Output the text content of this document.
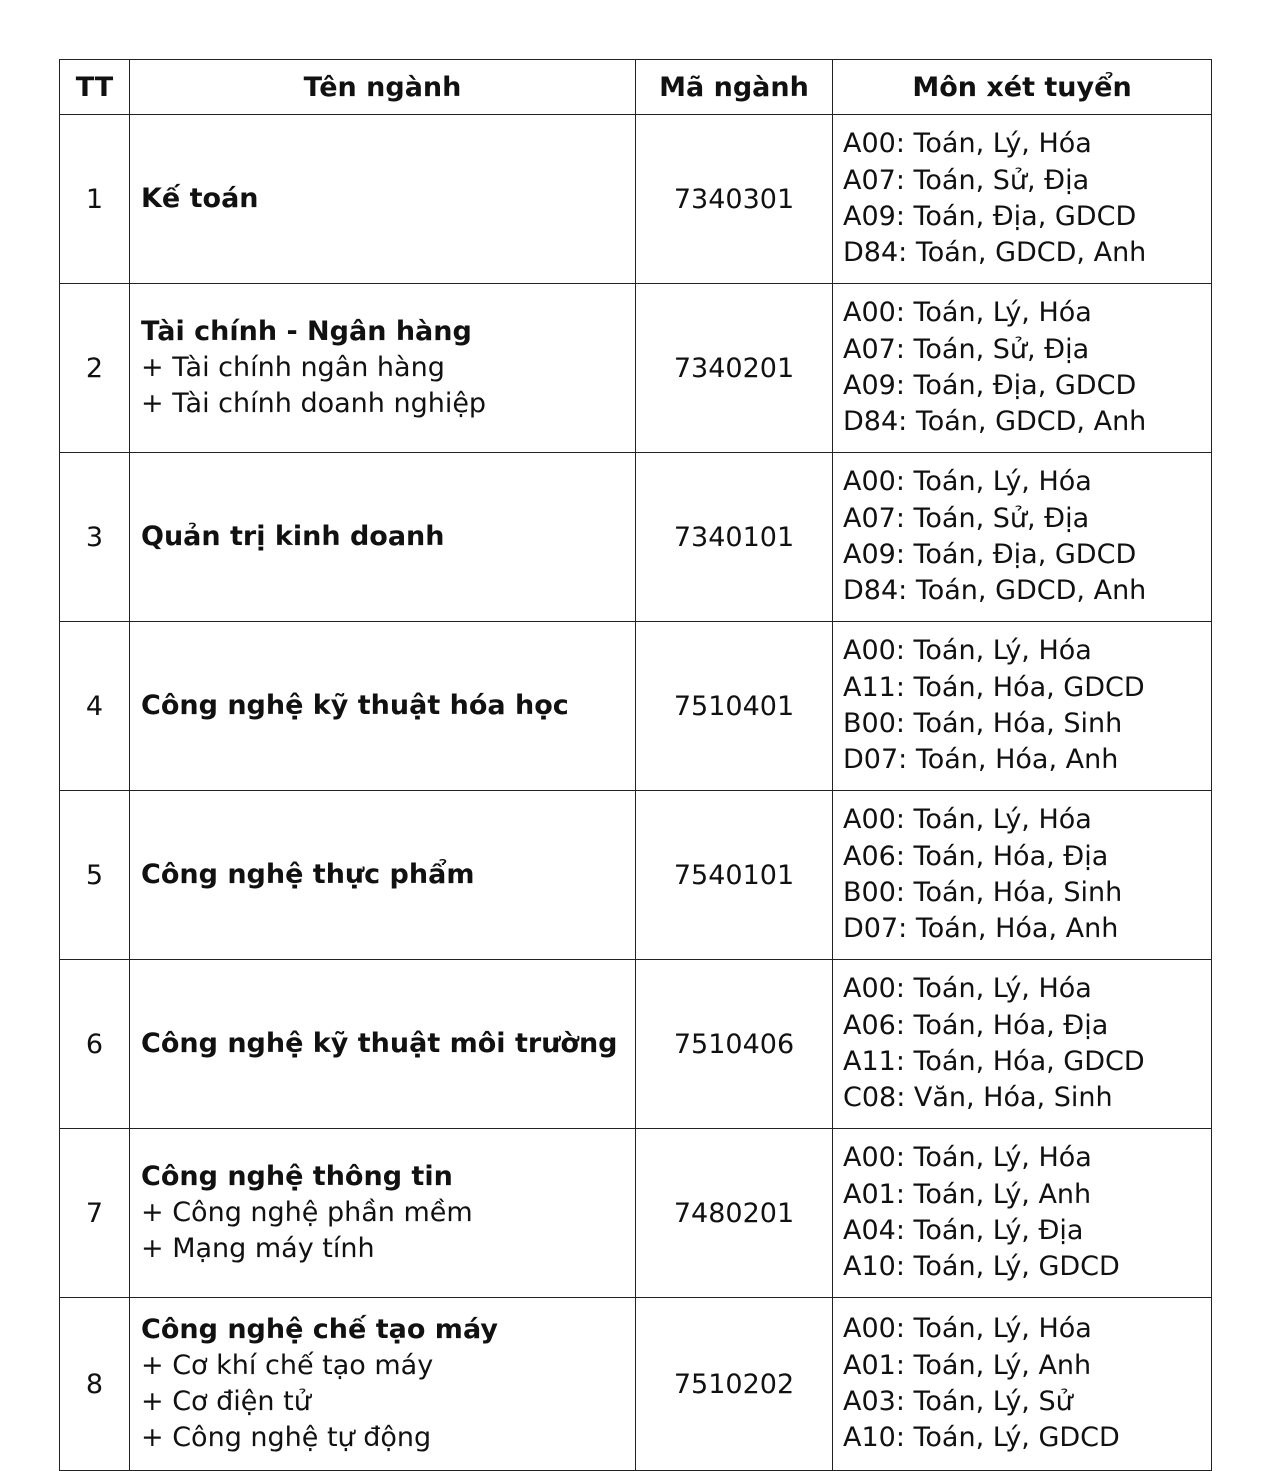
TT	Tên ngành	Mã ngành	Môn xét tuyển
1	Kế toán	7340301	A00: Toán, Lý, Hóa
A07: Toán, Sử, Địa
A09: Toán, Địa, GDCD
D84: Toán, GDCD, Anh

2	Tài chính - Ngân hàng
+ Tài chính ngân hàng
+ Tài chính doanh nghiệp	7340201	A00: Toán, Lý, Hóa
A07: Toán, Sử, Địa
A09: Toán, Địa, GDCD
D84: Toán, GDCD, Anh

3	Quản trị kinh doanh	7340101	A00: Toán, Lý, Hóa
A07: Toán, Sử, Địa
A09: Toán, Địa, GDCD
D84: Toán, GDCD, Anh

4	Công nghệ kỹ thuật hóa học	7510401	A00: Toán, Lý, Hóa
A11: Toán, Hóa, GDCD
B00: Toán, Hóa, Sinh
D07: Toán, Hóa, Anh

5	Công nghệ thực phẩm	7540101	A00: Toán, Lý, Hóa
A06: Toán, Hóa, Địa
B00: Toán, Hóa, Sinh
D07: Toán, Hóa, Anh

6	Công nghệ kỹ thuật môi trường	7510406	A00: Toán, Lý, Hóa
A06: Toán, Hóa, Địa
A11: Toán, Hóa, GDCD
C08: Văn, Hóa, Sinh

7	Công nghệ thông tin
+ Công nghệ phần mềm
+ Mạng máy tính	7480201	A00: Toán, Lý, Hóa
A01: Toán, Lý, Anh
A04: Toán, Lý, Địa
A10: Toán, Lý, GDCD

8	Công nghệ chế tạo máy
+ Cơ khí chế tạo máy
+ Cơ điện tử
+ Công nghệ tự động	7510202	A00: Toán, Lý, Hóa
A01: Toán, Lý, Anh
A03: Toán, Lý, Sử
A10: Toán, Lý, GDCD
